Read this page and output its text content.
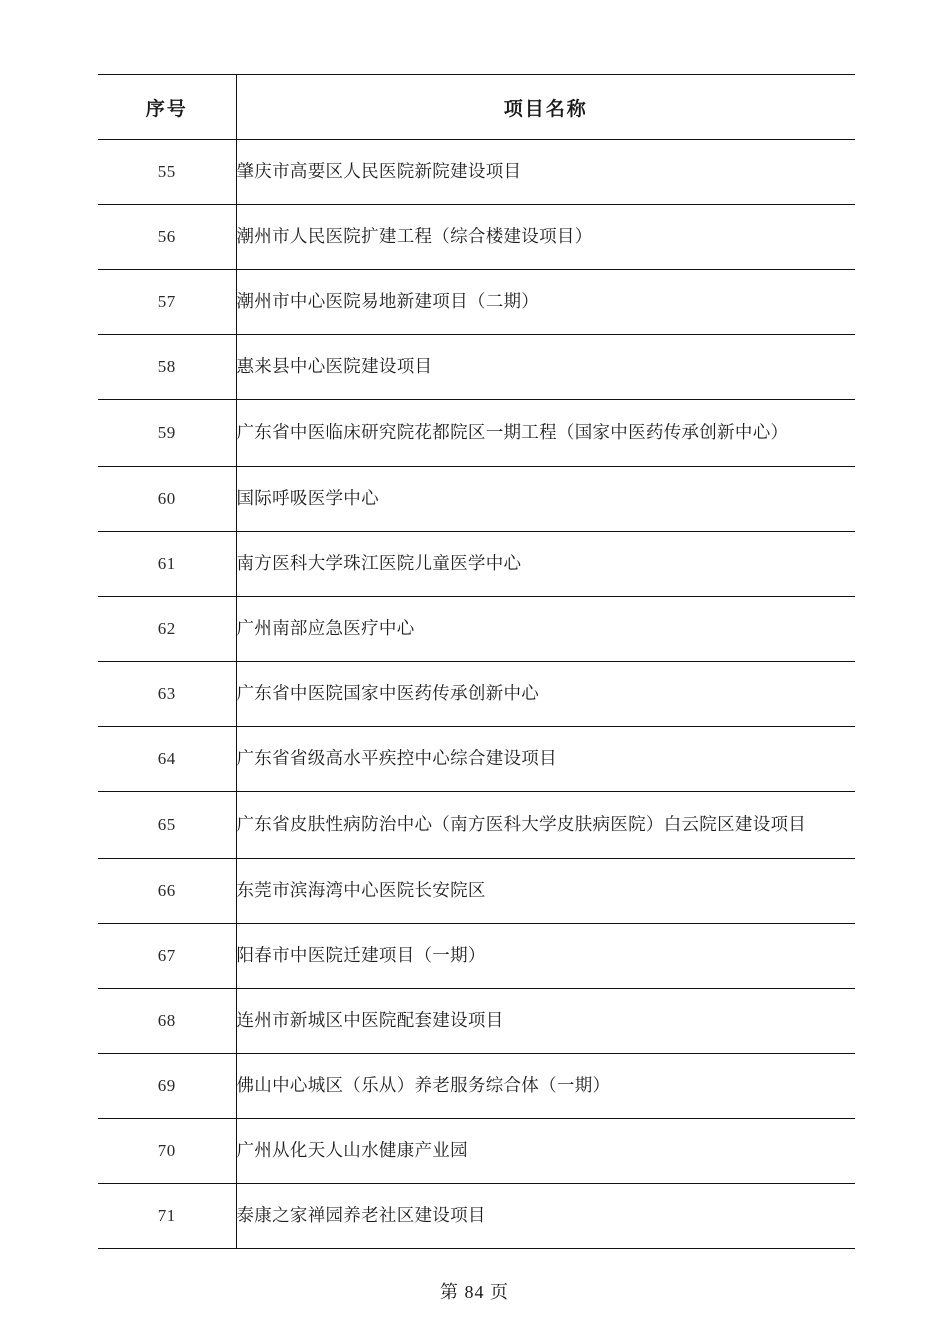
序号	项目名称
55	肇庆市高要区人民医院新院建设项目
56	潮州市人民医院扩建工程（综合楼建设项目）
57	潮州市中心医院易地新建项目（二期）
58	惠来县中心医院建设项目
59	广东省中医临床研究院花都院区一期工程（国家中医药传承创新中心）
60	国际呼吸医学中心
61	南方医科大学珠江医院儿童医学中心
62	广州南部应急医疗中心
63	广东省中医院国家中医药传承创新中心
64	广东省省级高水平疾控中心综合建设项目
65	广东省皮肤性病防治中心（南方医科大学皮肤病医院）白云院区建设项目
66	东莞市滨海湾中心医院长安院区
67	阳春市中医院迁建项目（一期）
68	连州市新城区中医院配套建设项目
69	佛山中心城区（乐从）养老服务综合体（一期）
70	广州从化天人山水健康产业园
71	泰康之家禅园养老社区建设项目
第 84 页
